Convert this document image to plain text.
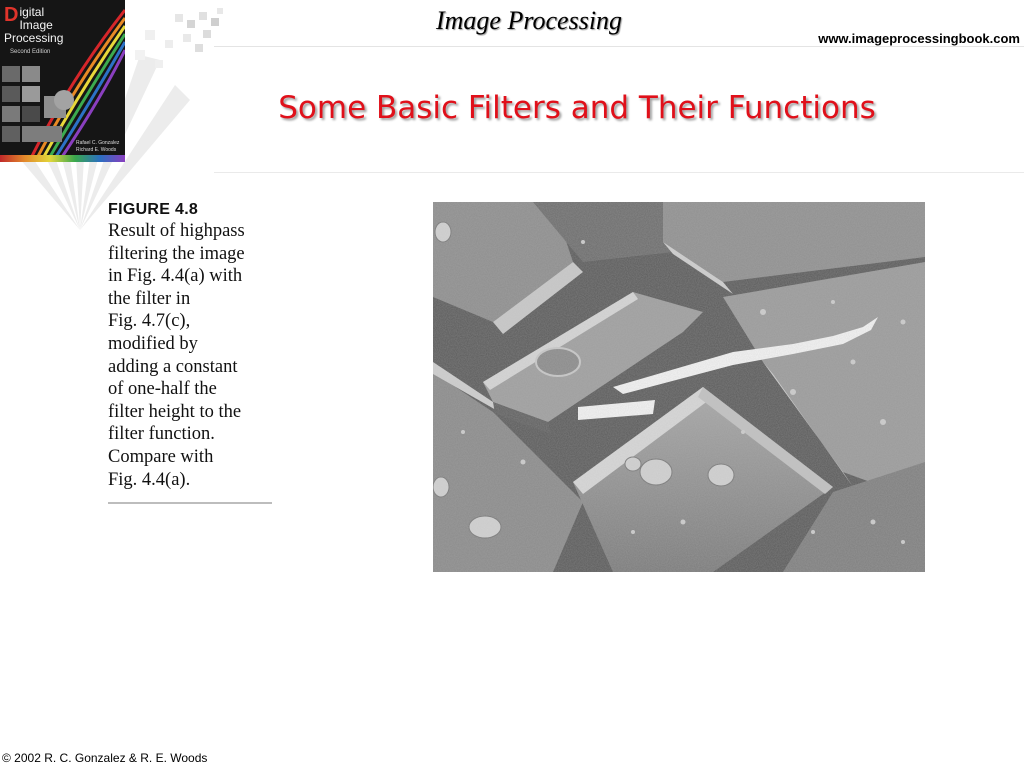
Digital
Image
Processing
Second Edition
Rafael C. Gonzalez
Richard E. Woods
Image Processing
www.imageprocessingbook.com
Some Basic Filters and Their Functions
FIGURE 4.8
Result of highpass
filtering the image
in Fig. 4.4(a) with
the filter in
Fig. 4.7(c),
modified by
adding a constant
of one-half the
filter height to the
filter function.
Compare with
Fig. 4.4(a).
© 2002 R. C. Gonzalez & R. E. Woods
